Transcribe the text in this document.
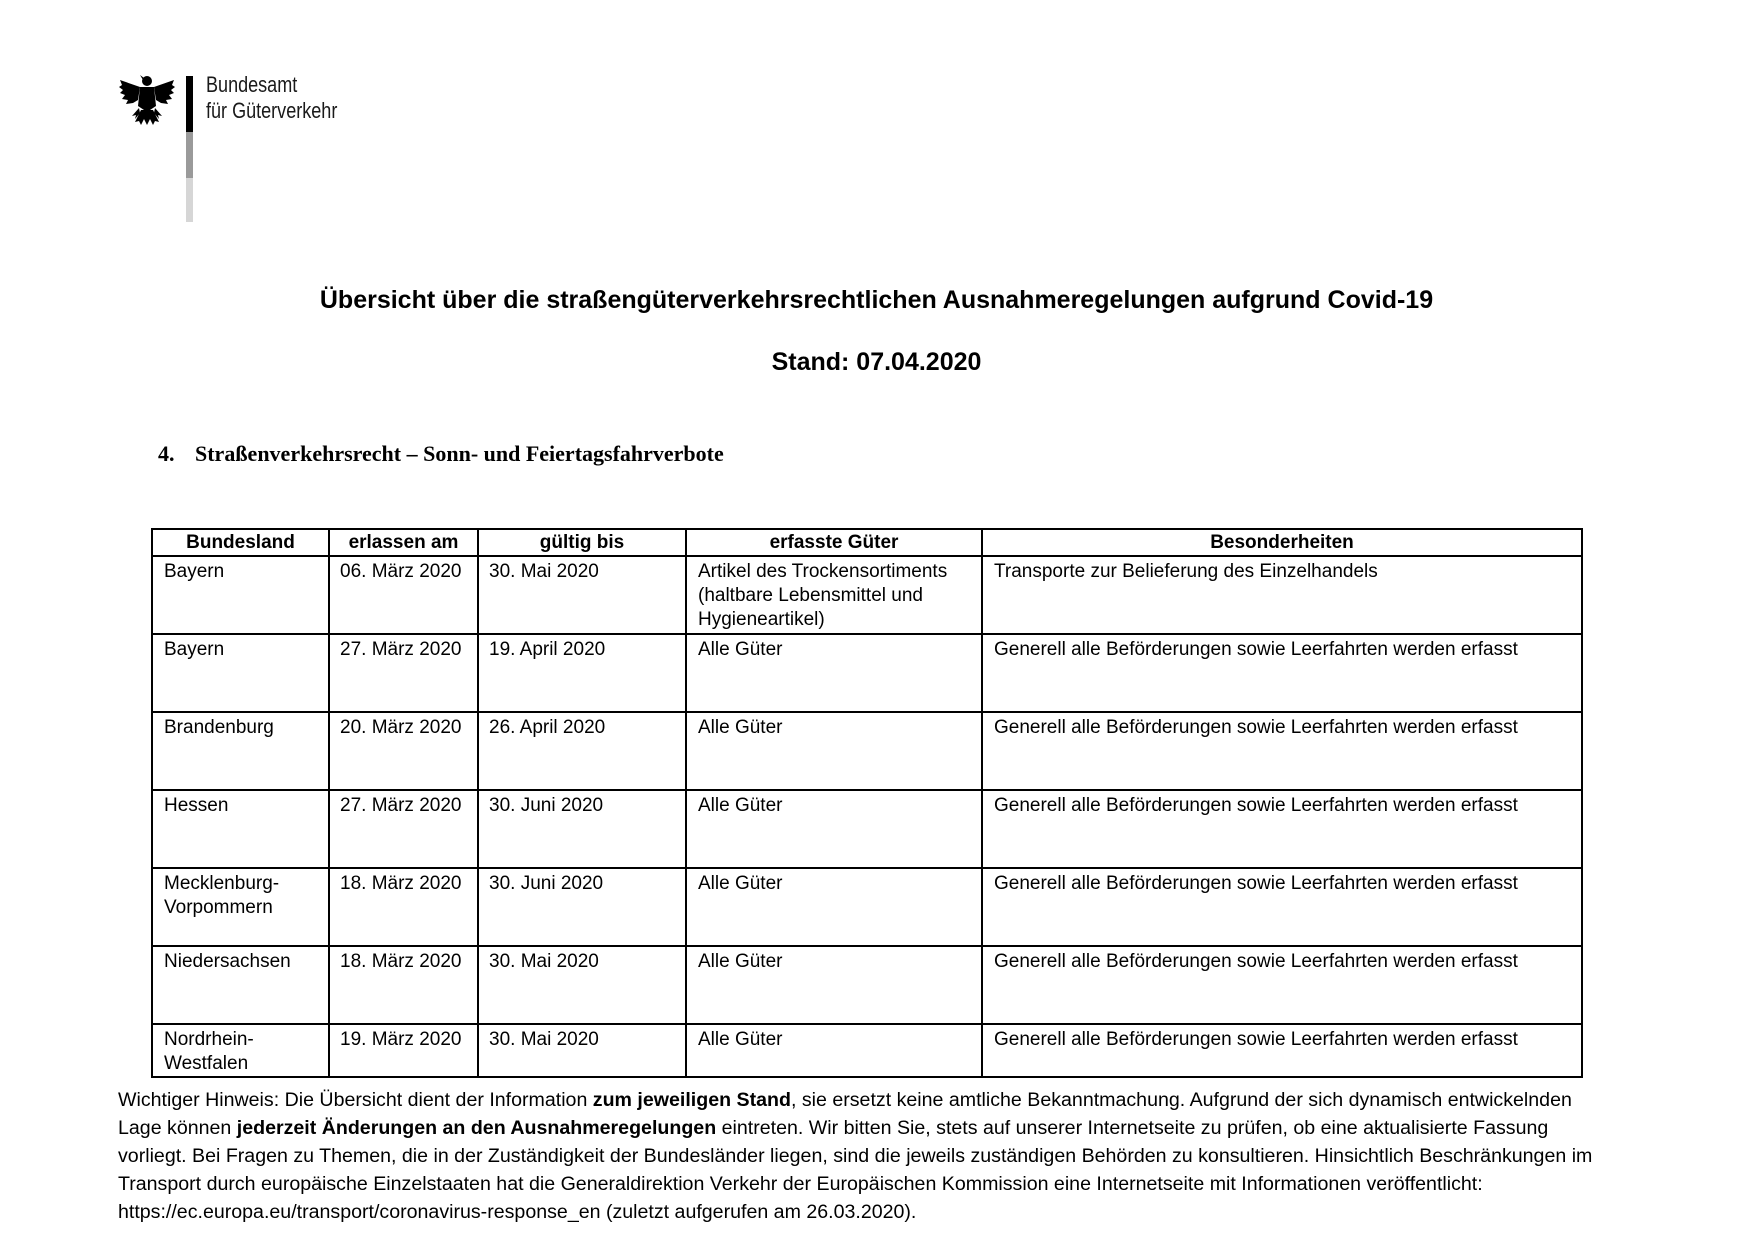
Bundesamt
für Güterverkehr
Übersicht über die straßengüterverkehrsrechtlichen Ausnahmeregelungen aufgrund Covid-19
Stand: 07.04.2020
4. Straßenverkehrsrecht – Sonn- und Feiertagsfahrverbote
Bundesland	erlassen am	gültig bis	erfasste Güter	Besonderheiten
Bayern	06. März 2020	30. Mai 2020	Artikel des Trockensortiments (haltbare Lebensmittel und Hygieneartikel)	Transporte zur Belieferung des Einzelhandels
Bayern	27. März 2020	19. April 2020	Alle Güter	Generell alle Beförderungen sowie Leerfahrten werden erfasst
Brandenburg	20. März 2020	26. April 2020	Alle Güter	Generell alle Beförderungen sowie Leerfahrten werden erfasst
Hessen	27. März 2020	30. Juni 2020	Alle Güter	Generell alle Beförderungen sowie Leerfahrten werden erfasst
Mecklenburg-Vorpommern	18. März 2020	30. Juni 2020	Alle Güter	Generell alle Beförderungen sowie Leerfahrten werden erfasst
Niedersachsen	18. März 2020	30. Mai 2020	Alle Güter	Generell alle Beförderungen sowie Leerfahrten werden erfasst
Nordrhein-Westfalen	19. März 2020	30. Mai 2020	Alle Güter	Generell alle Beförderungen sowie Leerfahrten werden erfasst
Wichtiger Hinweis: Die Übersicht dient der Information zum jeweiligen Stand, sie ersetzt keine amtliche Bekanntmachung. Aufgrund der sich dynamisch entwickelnden Lage können jederzeit Änderungen an den Ausnahmeregelungen eintreten. Wir bitten Sie, stets auf unserer Internetseite zu prüfen, ob eine aktualisierte Fassung vorliegt. Bei Fragen zu Themen, die in der Zuständigkeit der Bundesländer liegen, sind die jeweils zuständigen Behörden zu konsultieren. Hinsichtlich Beschränkungen im Transport durch europäische Einzelstaaten hat die Generaldirektion Verkehr der Europäischen Kommission eine Internetseite mit Informationen veröffentlicht: https://ec.europa.eu/transport/coronavirus-response_en (zuletzt aufgerufen am 26.03.2020).
